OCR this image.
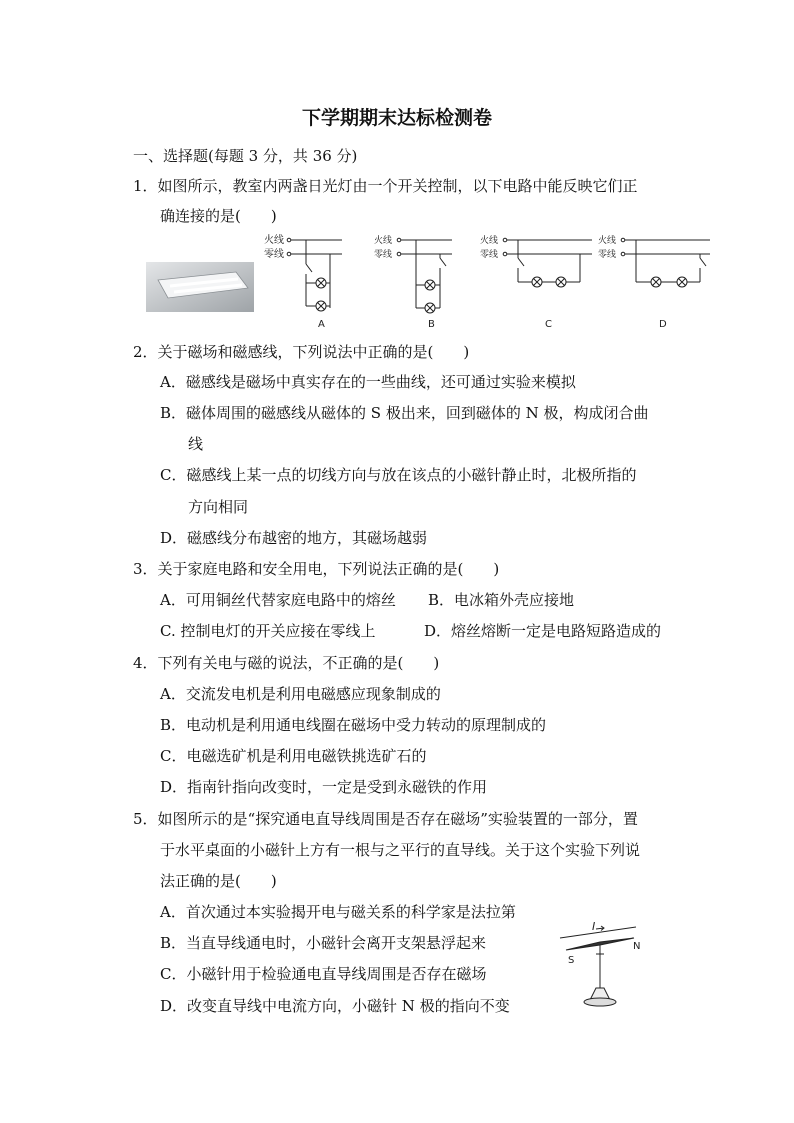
下学期期末达标检测卷
一、选择题(每题 3 分，共 36 分)
1．如图所示，教室内两盏日光灯由一个开关控制，以下电路中能反映它们正
确连接的是(　　)
火线
零线
A
火线
零线
B
火线
零线
C
火线
零线
D
2．关于磁场和磁感线，下列说法中正确的是(　　)
A．磁感线是磁场中真实存在的一些曲线，还可通过实验来模拟
B．磁体周围的磁感线从磁体的 S 极出来，回到磁体的 N 极，构成闭合曲
线
C．磁感线上某一点的切线方向与放在该点的小磁针静止时，北极所指的
方向相同
D．磁感线分布越密的地方，其磁场越弱
3．关于家庭电路和安全用电，下列说法正确的是(　　)
A．可用铜丝代替家庭电路中的熔丝 B．电冰箱外壳应接地
C. 控制电灯的开关应接在零线上	D．熔丝熔断一定是电路短路造成的
4．下列有关电与磁的说法，不正确的是(　　)
A．交流发电机是利用电磁感应现象制成的
B．电动机是利用通电线圈在磁场中受力转动的原理制成的
C．电磁选矿机是利用电磁铁挑选矿石的
D．指南针指向改变时，一定是受到永磁铁的作用
5．如图所示的是“探究通电直导线周围是否存在磁场”实验装置的一部分，置
于水平桌面的小磁针上方有一根与之平行的直导线。关于这个实验下列说
法正确的是(　　)
A．首次通过本实验揭开电与磁关系的科学家是法拉第
B．当直导线通电时，小磁针会离开支架悬浮起来
C．小磁针用于检验通电直导线周围是否存在磁场
D．改变直导线中电流方向，小磁针 N 极的指向不变
I
S
N
